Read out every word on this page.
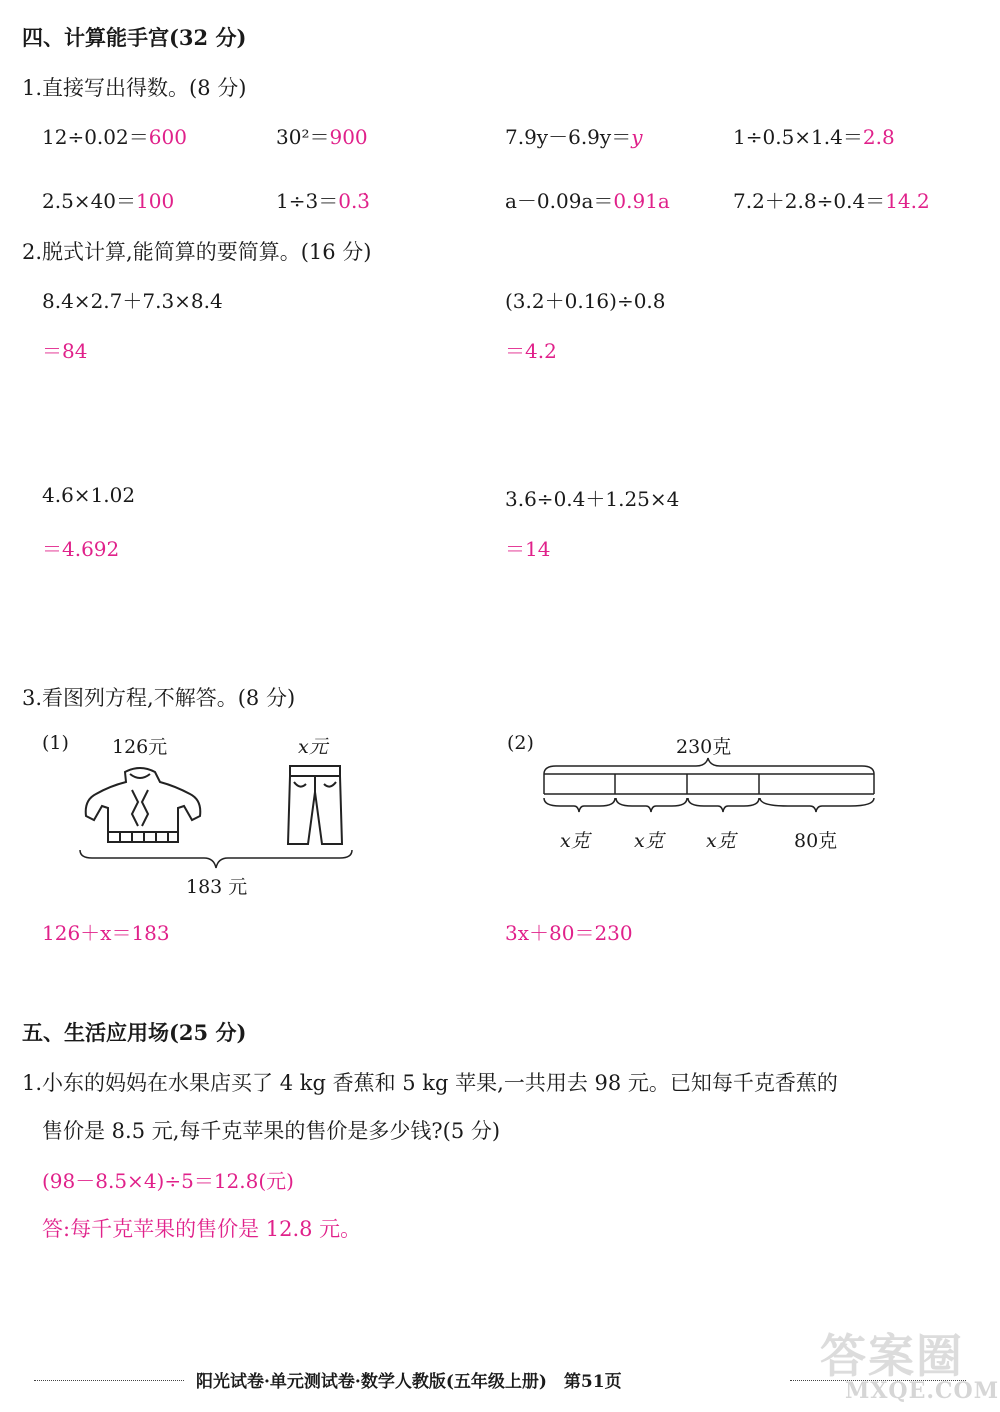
四、计算能手宫(32 分)
1.直接写出得数。(8 分)
12÷0.02＝600	30²＝900	7.9y－6.9y＝y	1÷0.5×1.4＝2.8
2.5×40＝100	1÷3＝0.3̇	a－0.09a＝0.91a	7.2＋2.8÷0.4＝14.2
2.脱式计算,能简算的要简算。(16 分)
8.4×2.7＋7.3×8.4
＝84
(3.2＋0.16)÷0.8
＝4.2
4.6×1.02
＝4.692
3.6÷0.4＋1.25×4
＝14
3.看图列方程,不解答。(8 分)
(1) 126元	x元
183 元
126＋x＝183
(2)	230克
x克 x克 x克	80克
3x＋80＝230
五、生活应用场(25 分)
1.小东的妈妈在水果店买了 4 kg 香蕉和 5 kg 苹果,一共用去 98 元。已知每千克香蕉的
售价是 8.5 元,每千克苹果的售价是多少钱?(5 分)
(98－8.5×4)÷5＝12.8(元)
答:每千克苹果的售价是 12.8 元。
答案圈
MXQE.COM
阳光试卷·单元测试卷·数学人教版(五年级上册)　第51页
